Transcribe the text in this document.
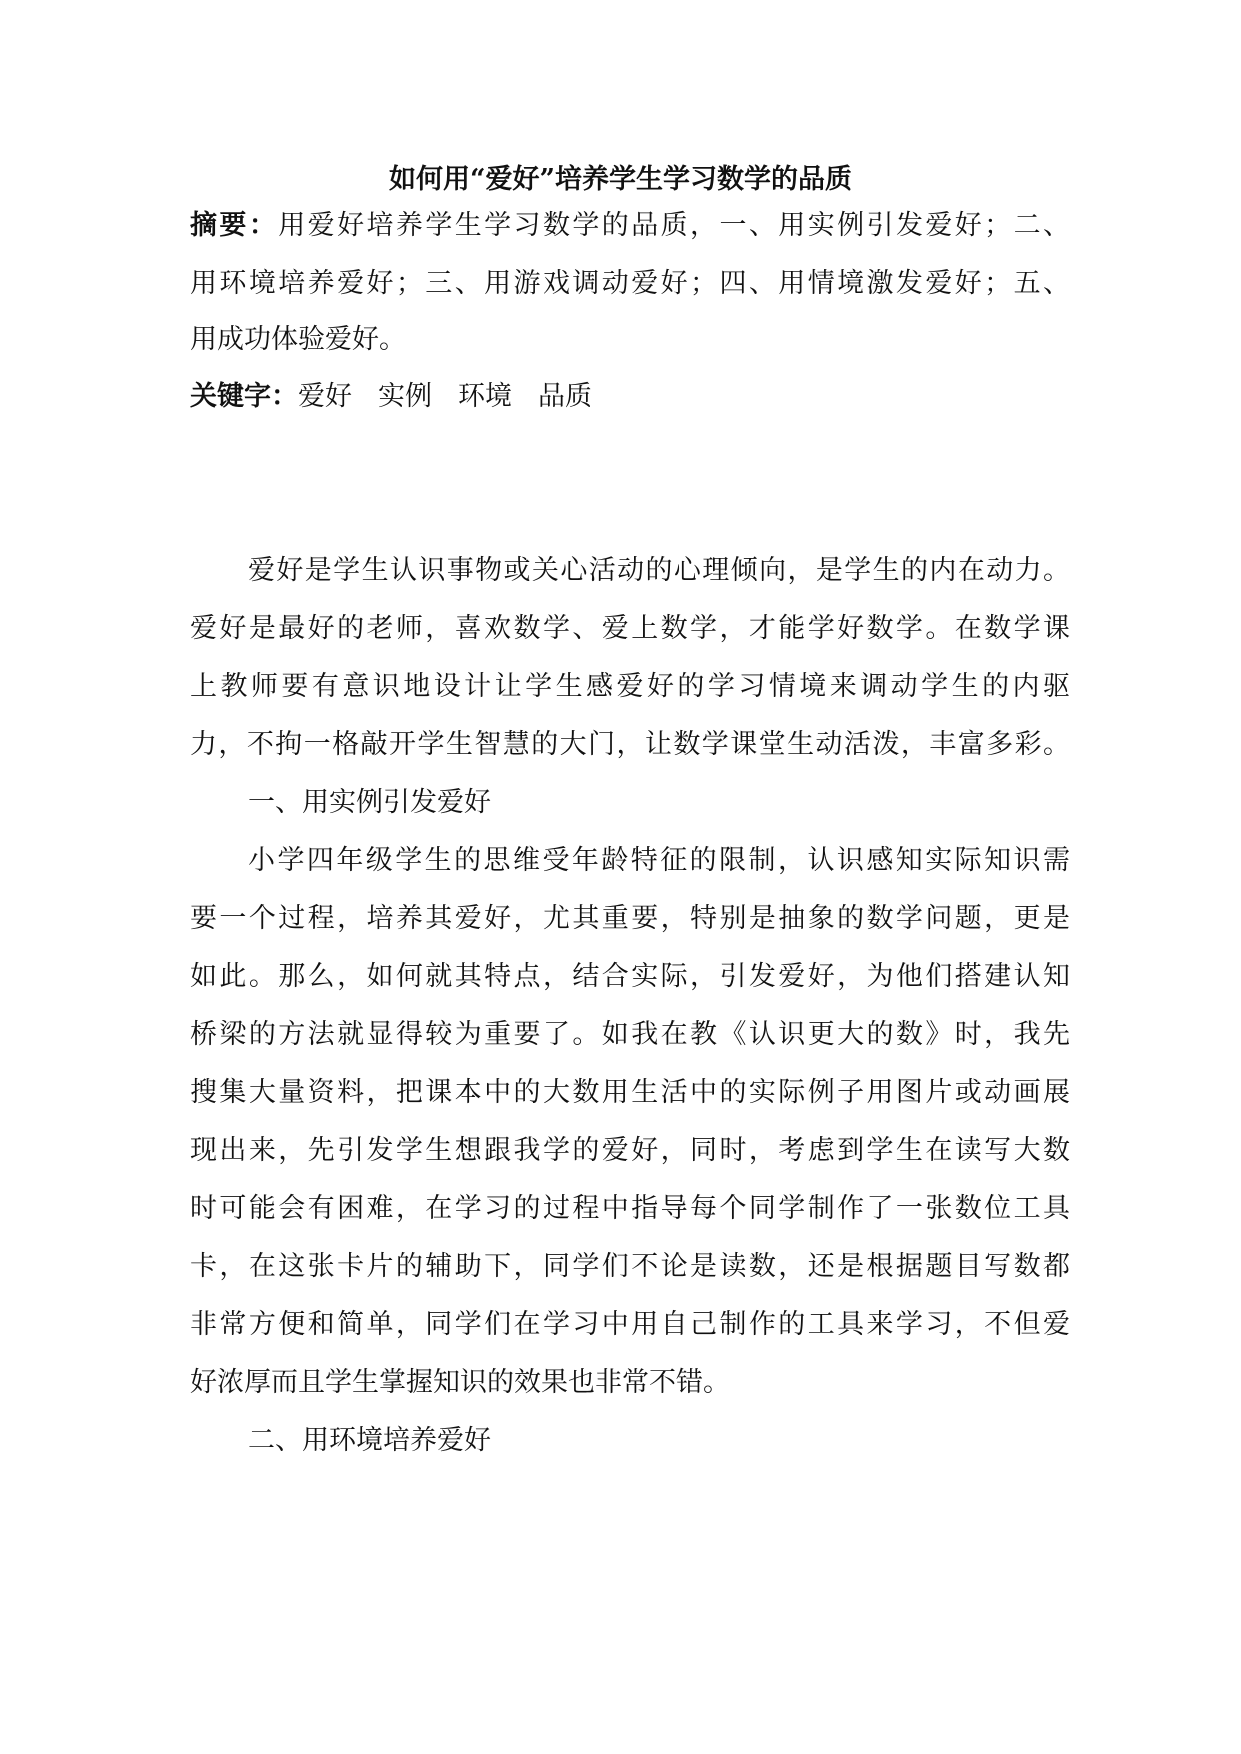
如何用“爱好”培养学生学习数学的品质
摘要：用爱好培养学生学习数学的品质，一、用实例引发爱好；二、
用环境培养爱好；三、用游戏调动爱好；四、用情境激发爱好；五、
用成功体验爱好。
关键字：爱好 实例 环境 品质
爱好是学生认识事物或关心活动的心理倾向，是学生的内在动力。
爱好是最好的老师，喜欢数学、爱上数学，才能学好数学。在数学课
上教师要有意识地设计让学生感爱好的学习情境来调动学生的内驱
力，不拘一格敲开学生智慧的大门，让数学课堂生动活泼，丰富多彩。
一、用实例引发爱好
小学四年级学生的思维受年龄特征的限制，认识感知实际知识需
要一个过程，培养其爱好，尤其重要，特别是抽象的数学问题，更是
如此。那么，如何就其特点，结合实际，引发爱好，为他们搭建认知
桥梁的方法就显得较为重要了。如我在教《认识更大的数》时，我先
搜集大量资料，把课本中的大数用生活中的实际例子用图片或动画展
现出来，先引发学生想跟我学的爱好，同时，考虑到学生在读写大数
时可能会有困难，在学习的过程中指导每个同学制作了一张数位工具
卡，在这张卡片的辅助下，同学们不论是读数，还是根据题目写数都
非常方便和简单，同学们在学习中用自己制作的工具来学习，不但爱
好浓厚而且学生掌握知识的效果也非常不错。
二、用环境培养爱好
